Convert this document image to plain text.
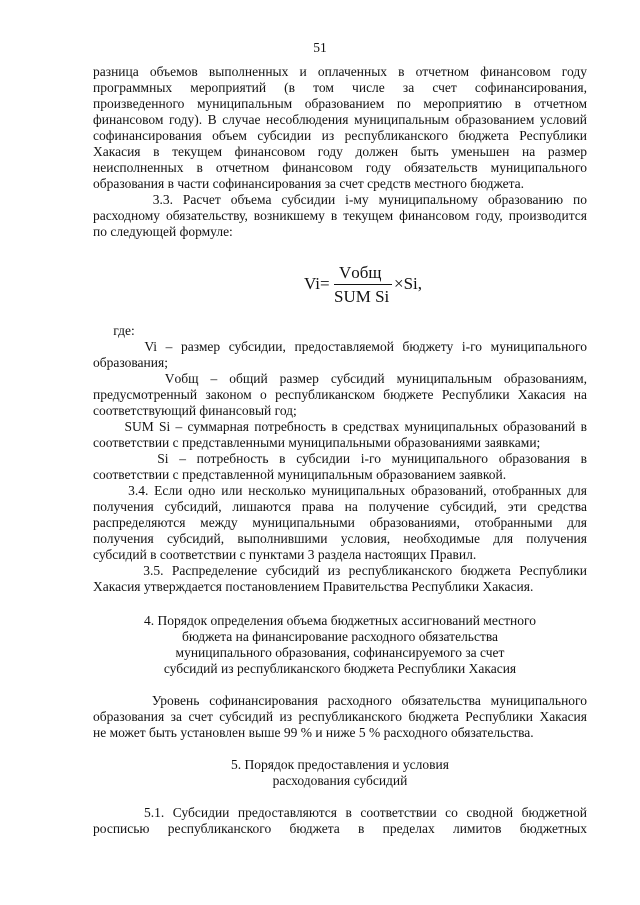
51
разница объемов выполненных и оплаченных в отчетном финансовом году
программных мероприятий (в том числе за счет софинансирования,
произведенного муниципальным образованием по мероприятию в отчетном
финансовом году). В случае несоблюдения муниципальным образованием условий
софинансирования объем субсидии из республиканского бюджета Республики
Хакасия в текущем финансовом году должен быть уменьшен на размер
неисполненных в отчетном финансовом году обязательств муниципального
образования в части софинансирования за счет средств местного бюджета.
3.3. Расчет объема субсидии i-му муниципальному образованию по
расходному обязательству, возникшему в текущем финансовом году, производится
по следующей формуле:
Vi=
Vобщ
SUM Si
×Si,
где:
Vi – размер субсидии, предоставляемой бюджету i-го муниципального
образования;
Vобщ – общий размер субсидий муниципальным образованиям,
предусмотренный законом о республиканском бюджете Республики Хакасия на
соответствующий финансовый год;
SUM Si – суммарная потребность в средствах муниципальных образований в
соответствии с представленными муниципальными образованиями заявками;
Si – потребность в субсидии i-го муниципального образования в
соответствии с представленной муниципальным образованием заявкой.
3.4. Если одно или несколько муниципальных образований, отобранных для
получения субсидий, лишаются права на получение субсидий, эти средства
распределяются между муниципальными образованиями, отобранными для
получения субсидий, выполнившими условия, необходимые для получения
субсидий в соответствии с пунктами 3 раздела настоящих Правил.
3.5. Распределение субсидий из республиканского бюджета Республики
Хакасия утверждается постановлением Правительства Республики Хакасия.
4. Порядок определения объема бюджетных ассигнований местного
бюджета на финансирование расходного обязательства
муниципального образования, софинансируемого за счет
субсидий из республиканского бюджета Республики Хакасия
Уровень софинансирования расходного обязательства муниципального
образования за счет субсидий из республиканского бюджета Республики Хакасия
не может быть установлен выше 99 % и ниже 5 % расходного обязательства.
5. Порядок предоставления и условия
расходования субсидий
5.1. Субсидии предоставляются в соответствии со сводной бюджетной
росписью республиканского бюджета в пределах лимитов бюджетных
